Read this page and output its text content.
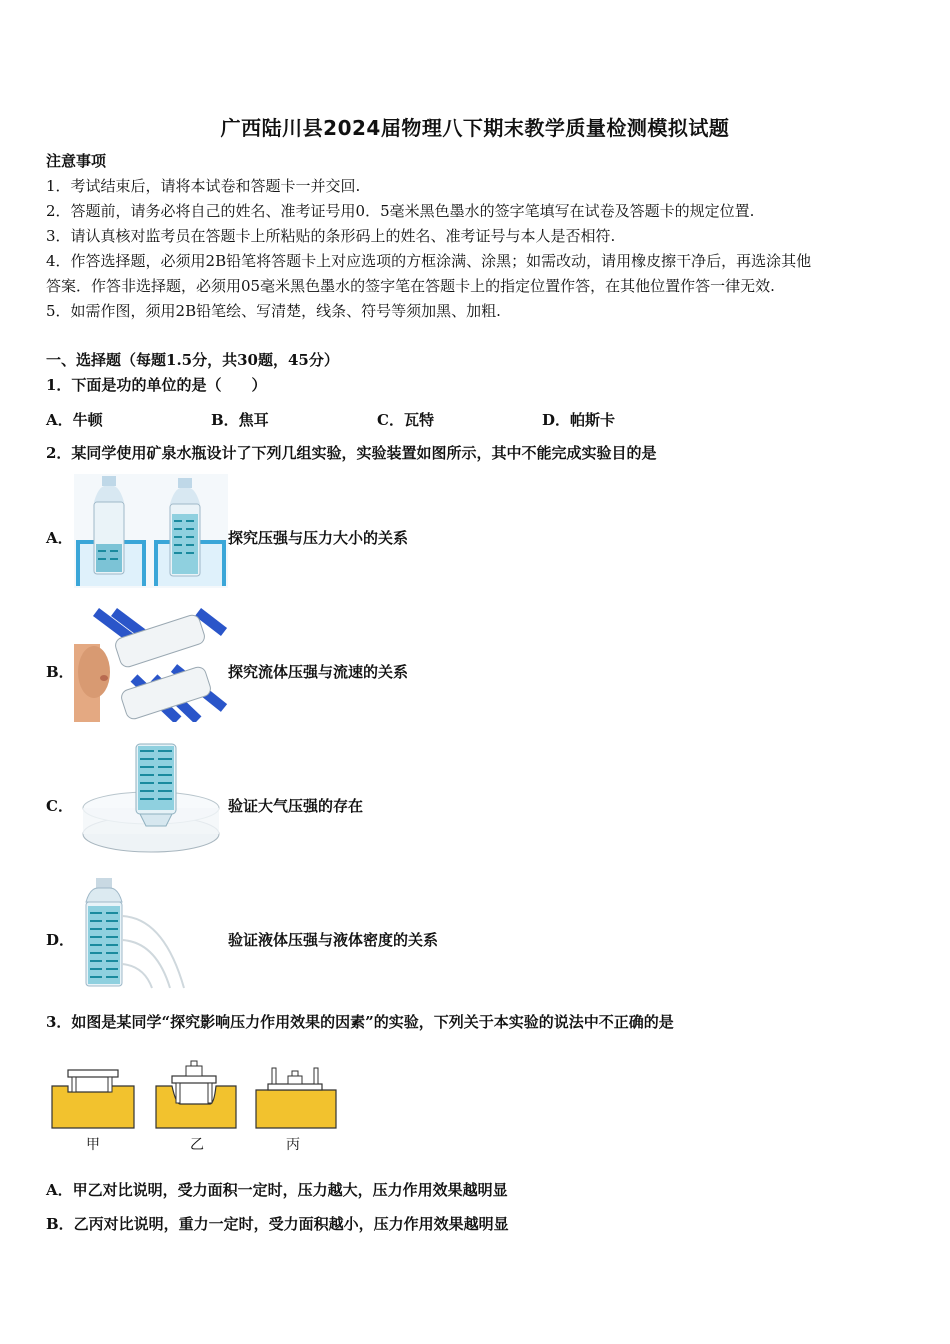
广西陆川县2024届物理八下期末教学质量检测模拟试题
注意事项
1．考试结束后，请将本试卷和答题卡一并交回.
2．答题前，请务必将自己的姓名、准考证号用0．5毫米黑色墨水的签字笔填写在试卷及答题卡的规定位置.
3．请认真核对监考员在答题卡上所粘贴的条形码上的姓名、准考证号与本人是否相符.
4．作答选择题，必须用2B铅笔将答题卡上对应选项的方框涂满、涂黑；如需改动，请用橡皮擦干净后，再选涂其他
答案．作答非选择题，必须用05毫米黑色墨水的签字笔在答题卡上的指定位置作答，在其他位置作答一律无效.
5．如需作图，须用2B铅笔绘、写清楚，线条、符号等须加黑、加粗.
一、选择题（每题1.5分，共30题，45分）
1．下面是功的单位的是（　　）
A．牛顿	B．焦耳	C．瓦特	D．帕斯卡
2．某同学使用矿泉水瓶设计了下列几组实验，实验装置如图所示，其中不能完成实验目的是
A．	探究压强与压力大小的关系
B．	探究流体压强与流速的关系
C．	验证大气压强的存在
D．	验证液体压强与液体密度的关系
3．如图是某同学“探究影响压力作用效果的因素”的实验，下列关于本实验的说法中不正确的是
甲	乙	丙
A．甲乙对比说明，受力面积一定时，压力越大，压力作用效果越明显
B．乙丙对比说明，重力一定时，受力面积越小，压力作用效果越明显
